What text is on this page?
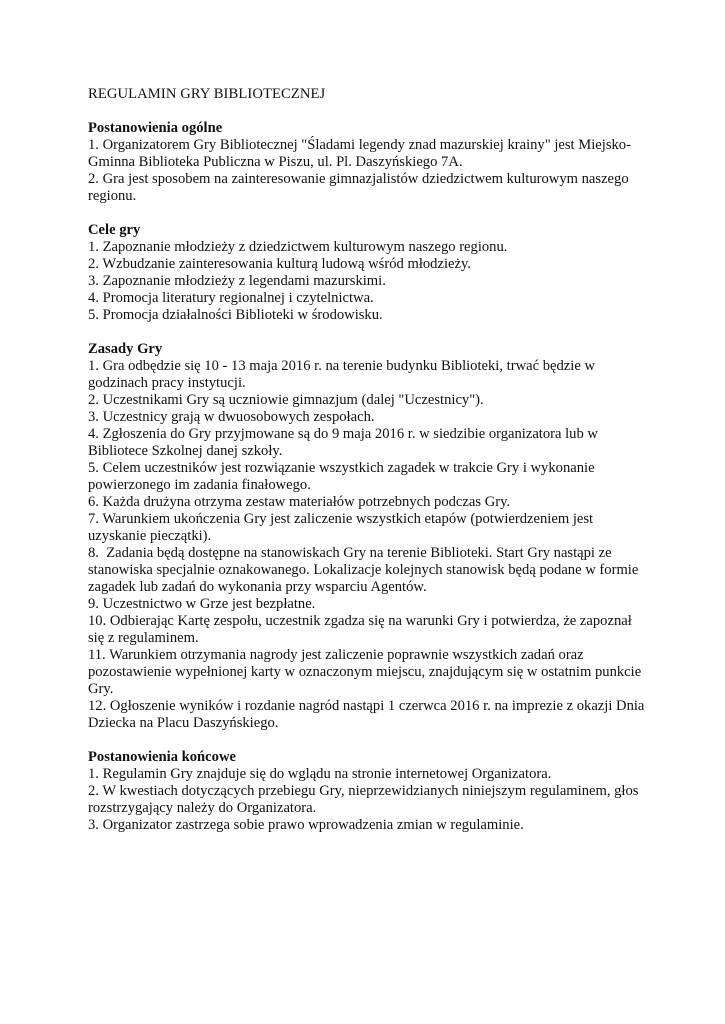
REGULAMIN GRY BIBLIOTECZNEJ

Postanowienia ogólne

1. Organizatorem Gry Bibliotecznej "Śladami legendy znad mazurskiej krainy" jest Miejsko-Gminna Biblioteka Publiczna w Piszu, ul. Pl. Daszyńskiego 7A.

2. Gra jest sposobem na zainteresowanie gimnazjalistów dziedzictwem kulturowym naszego regionu.

Cele gry

1. Zapoznanie młodzieży z dziedzictwem kulturowym naszego regionu.

2. Wzbudzanie zainteresowania kulturą ludową wśród młodzieży.

3. Zapoznanie młodzieży z legendami mazurskimi.

4. Promocja literatury regionalnej i czytelnictwa.

5. Promocja działalności Biblioteki w środowisku.

Zasady Gry

1. Gra odbędzie się 10 - 13 maja 2016 r. na terenie budynku Biblioteki, trwać będzie w godzinach pracy instytucji.

2. Uczestnikami Gry są uczniowie gimnazjum (dalej "Uczestnicy").

3. Uczestnicy grają w dwuosobowych zespołach.

4. Zgłoszenia do Gry przyjmowane są do 9 maja 2016 r. w siedzibie organizatora lub w Bibliotece Szkolnej danej szkoły.

5. Celem uczestników jest rozwiązanie wszystkich zagadek w trakcie Gry i wykonanie powierzonego im zadania finałowego.

6. Każda drużyna otrzyma zestaw materiałów potrzebnych podczas Gry.

7. Warunkiem ukończenia Gry jest zaliczenie wszystkich etapów (potwierdzeniem jest uzyskanie pieczątki).

8.  Zadania będą dostępne na stanowiskach Gry na terenie Biblioteki. Start Gry nastąpi ze stanowiska specjalnie oznakowanego. Lokalizacje kolejnych stanowisk będą podane w formie zagadek lub zadań do wykonania przy wsparciu Agentów.

9. Uczestnictwo w Grze jest bezpłatne.

10. Odbierając Kartę zespołu, uczestnik zgadza się na warunki Gry i potwierdza, że zapoznał się z regulaminem.

11. Warunkiem otrzymania nagrody jest zaliczenie poprawnie wszystkich zadań oraz pozostawienie wypełnionej karty w oznaczonym miejscu, znajdującym się w ostatnim punkcie Gry.

12. Ogłoszenie wyników i rozdanie nagród nastąpi 1 czerwca 2016 r. na imprezie z okazji Dnia Dziecka na Placu Daszyńskiego.

Postanowienia końcowe

1. Regulamin Gry znajduje się do wglądu na stronie internetowej Organizatora.

2. W kwestiach dotyczących przebiegu Gry, nieprzewidzianych niniejszym regulaminem, głos rozstrzygający należy do Organizatora.

3. Organizator zastrzega sobie prawo wprowadzenia zmian w regulaminie.
